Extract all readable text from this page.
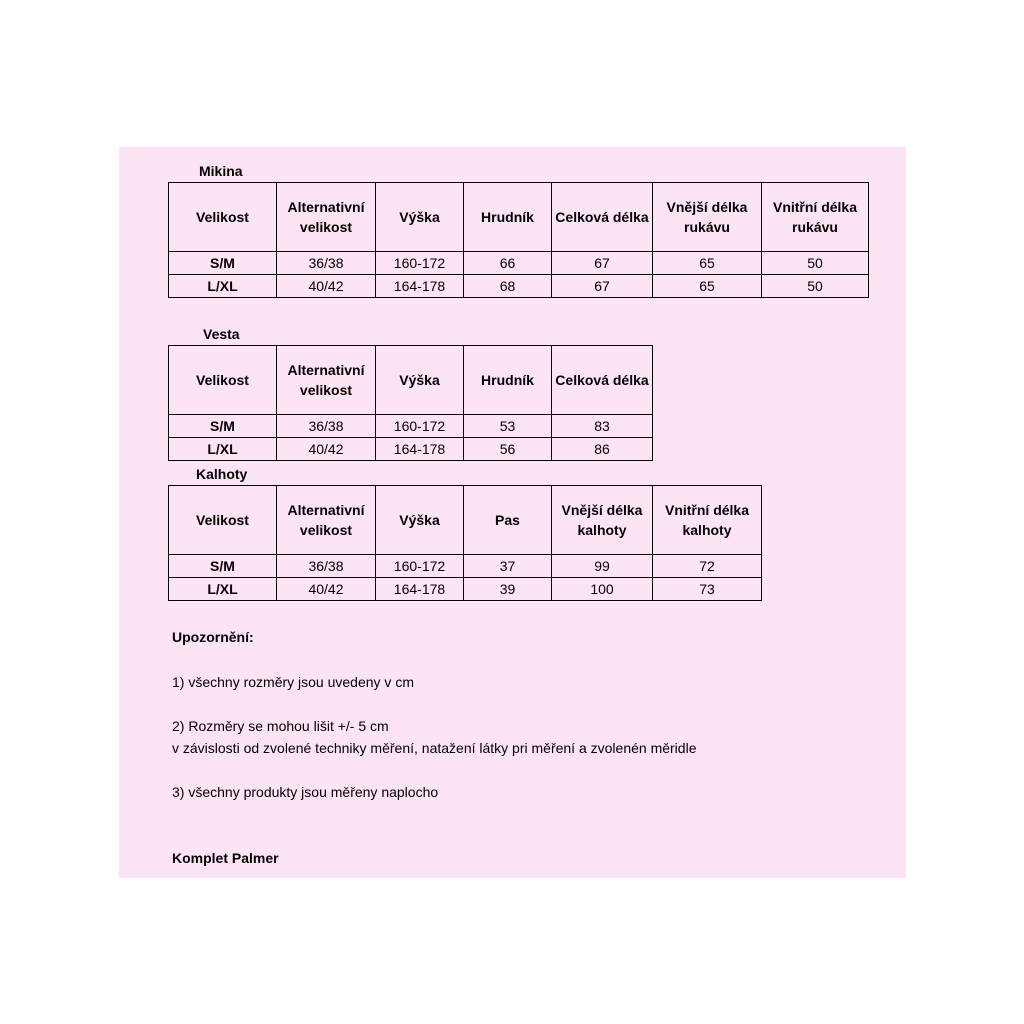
Mikina
Velikost	Alternativní velikost	Výška	Hrudník	Celková délka	Vnější délka rukávu	Vnitřní délka rukávu
S/M	36/38	160-172	66	67	65	50
L/XL	40/42	164-178	68	67	65	50
Vesta
Velikost	Alternativní velikost	Výška	Hrudník	Celková délka
S/M	36/38	160-172	53	83
L/XL	40/42	164-178	56	86
Kalhoty
Velikost	Alternativní velikost	Výška	Pas	Vnější délka kalhoty	Vnitřní délka kalhoty
S/M	36/38	160-172	37	99	72
L/XL	40/42	164-178	39	100	73
Upozornění:
1) všechny rozměry jsou uvedeny v cm
2) Rozměry se mohou lišit +/- 5 cm
v závislosti od zvolené techniky měření, natažení látky pri měření a zvolenén měridle
3) všechny produkty jsou měřeny naplocho
Komplet Palmer
